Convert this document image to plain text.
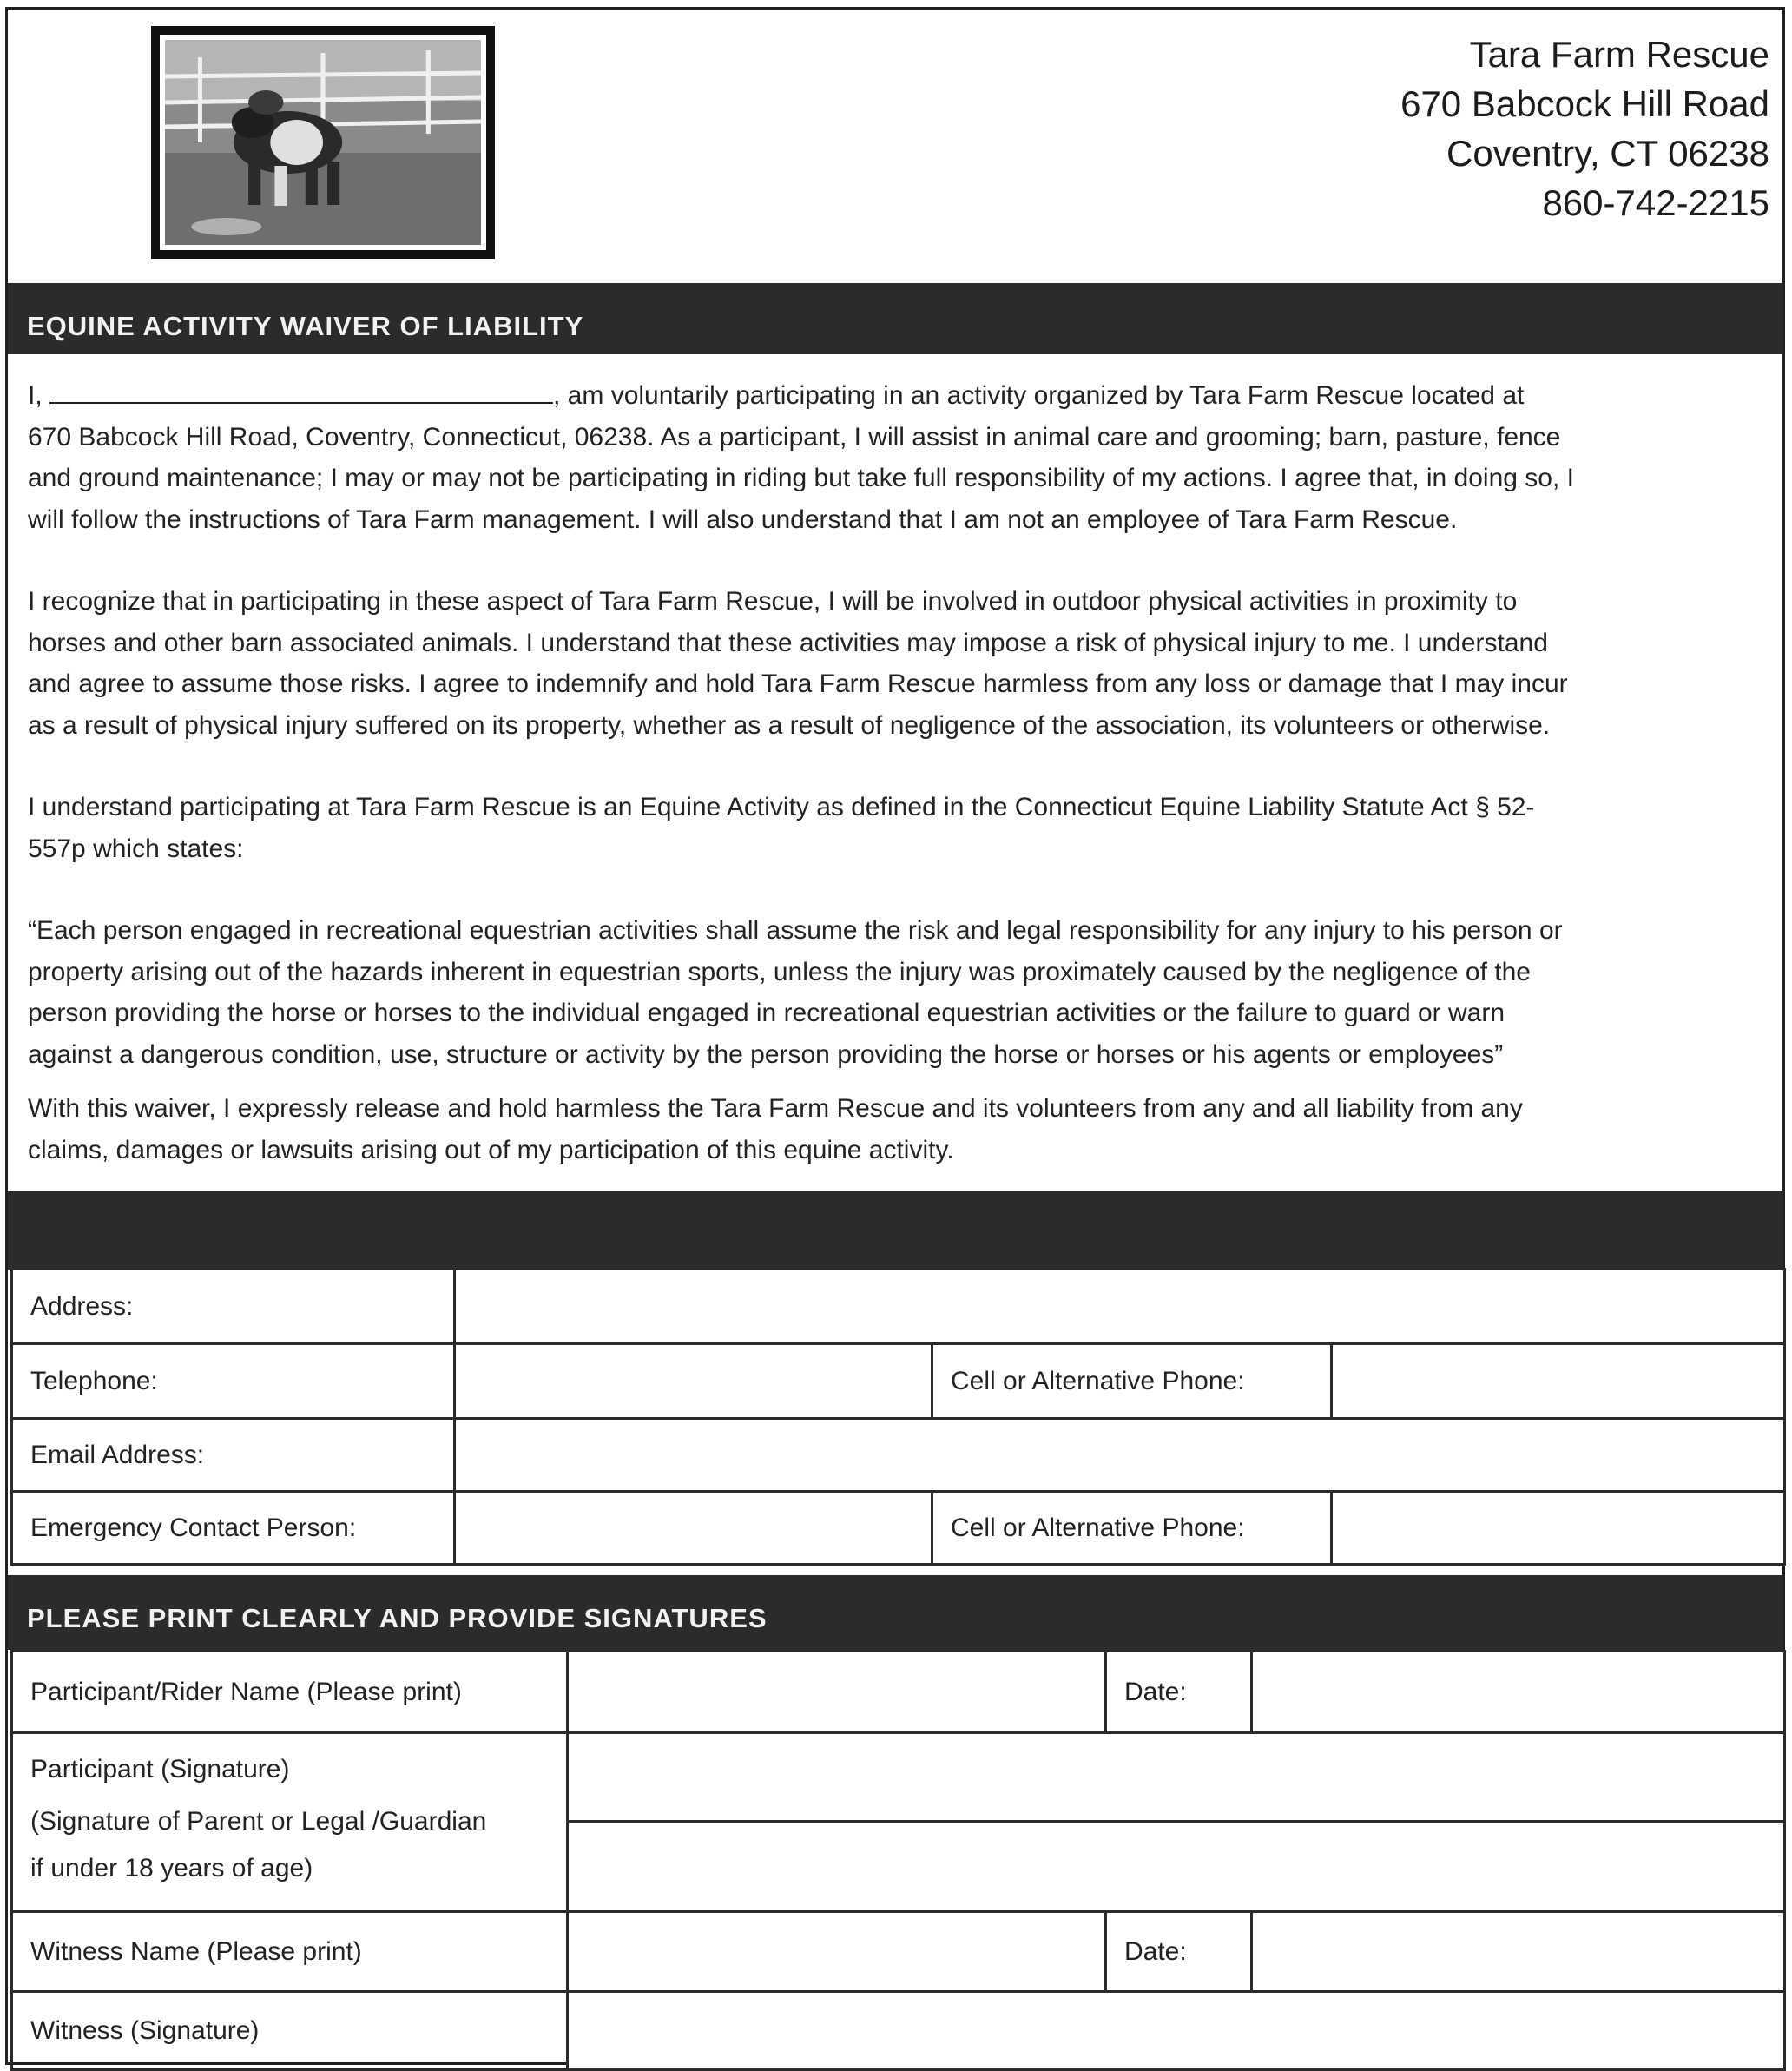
Tara Farm Rescue
670 Babcock Hill Road
Coventry, CT 06238
860-742-2215
EQUINE ACTIVITY WAIVER OF LIABILITY

I,	, am voluntarily participating in an activity organized by Tara Farm Rescue located at
670 Babcock Hill Road, Coventry, Connecticut, 06238. As a participant, I will assist in animal care and grooming; barn, pasture, fence
and ground maintenance; I may or may not be participating in riding but take full responsibility of my actions. I agree that, in doing so, I
will follow the instructions of Tara Farm management. I will also understand that I am not an employee of Tara Farm Rescue.

I recognize that in participating in these aspect of Tara Farm Rescue, I will be involved in outdoor physical activities in proximity to
horses and other barn associated animals. I understand that these activities may impose a risk of physical injury to me. I understand
and agree to assume those risks. I agree to indemnify and hold Tara Farm Rescue harmless from any loss or damage that I may incur
as a result of physical injury suffered on its property, whether as a result of negligence of the association, its volunteers or otherwise.

I understand participating at Tara Farm Rescue is an Equine Activity as defined in the Connecticut Equine Liability Statute Act § 52-
557p which states:

“Each person engaged in recreational equestrian activities shall assume the risk and legal responsibility for any injury to his person or
property arising out of the hazards inherent in equestrian sports, unless the injury was proximately caused by the negligence of the
person providing the horse or horses to the individual engaged in recreational equestrian activities or the failure to guard or warn
against a dangerous condition, use, structure or activity by the person providing the horse or horses or his agents or employees”

With this waiver, I expressly release and hold harmless the Tara Farm Rescue and its volunteers from any and all liability from any
claims, damages or lawsuits arising out of my participation of this equine activity.

Address:			
Telephone:		Cell or Alternative Phone:	
Email Address:			
Emergency Contact Person:		Cell or Alternative Phone:	
PLEASE PRINT CLEARLY AND PROVIDE SIGNATURES
Participant/Rider Name (Please print)		Date:	

Participant (Signature)
(Signature of Parent or Legal /Guardian
if under 18 years of age)			

Witness Name (Please print)		Date:	
Witness (Signature)			
